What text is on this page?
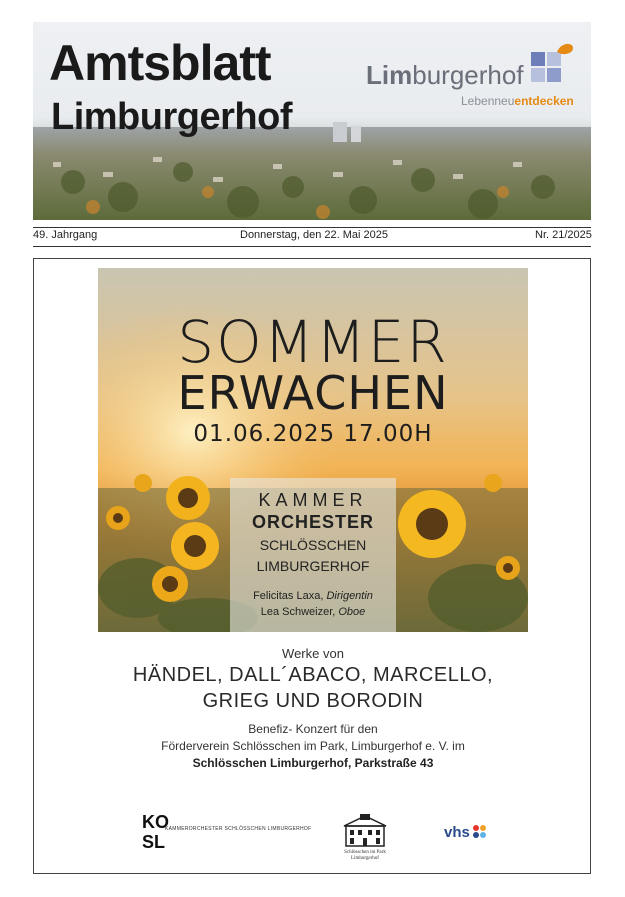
Amtsblatt
Limburgerhof
Limburgerhof
Lebenneuentdecken
49. Jahrgang	Donnerstag, den 22. Mai 2025	Nr. 21/2025
SOMMER
ERWACHEN
01.06.2025 17.00H
KAMMER
ORCHESTER
SCHLÖSSCHEN
LIMBURGERHOF
Felicitas Laxa, Dirigentin
Lea Schweizer, Oboe
Werke von
HÄNDEL, DALL´ABACO, MARCELLO,
GRIEG UND BORODIN
Benefiz- Konzert für den
Förderverein Schlösschen im Park, Limburgerhof e. V. im
Schlösschen Limburgerhof, Parkstraße 43
KO
SL
KAMMERORCHESTER SCHLÖSSCHEN LIMBURGERHOF
Schlösschen im Park
Limburgerhof
vhs
